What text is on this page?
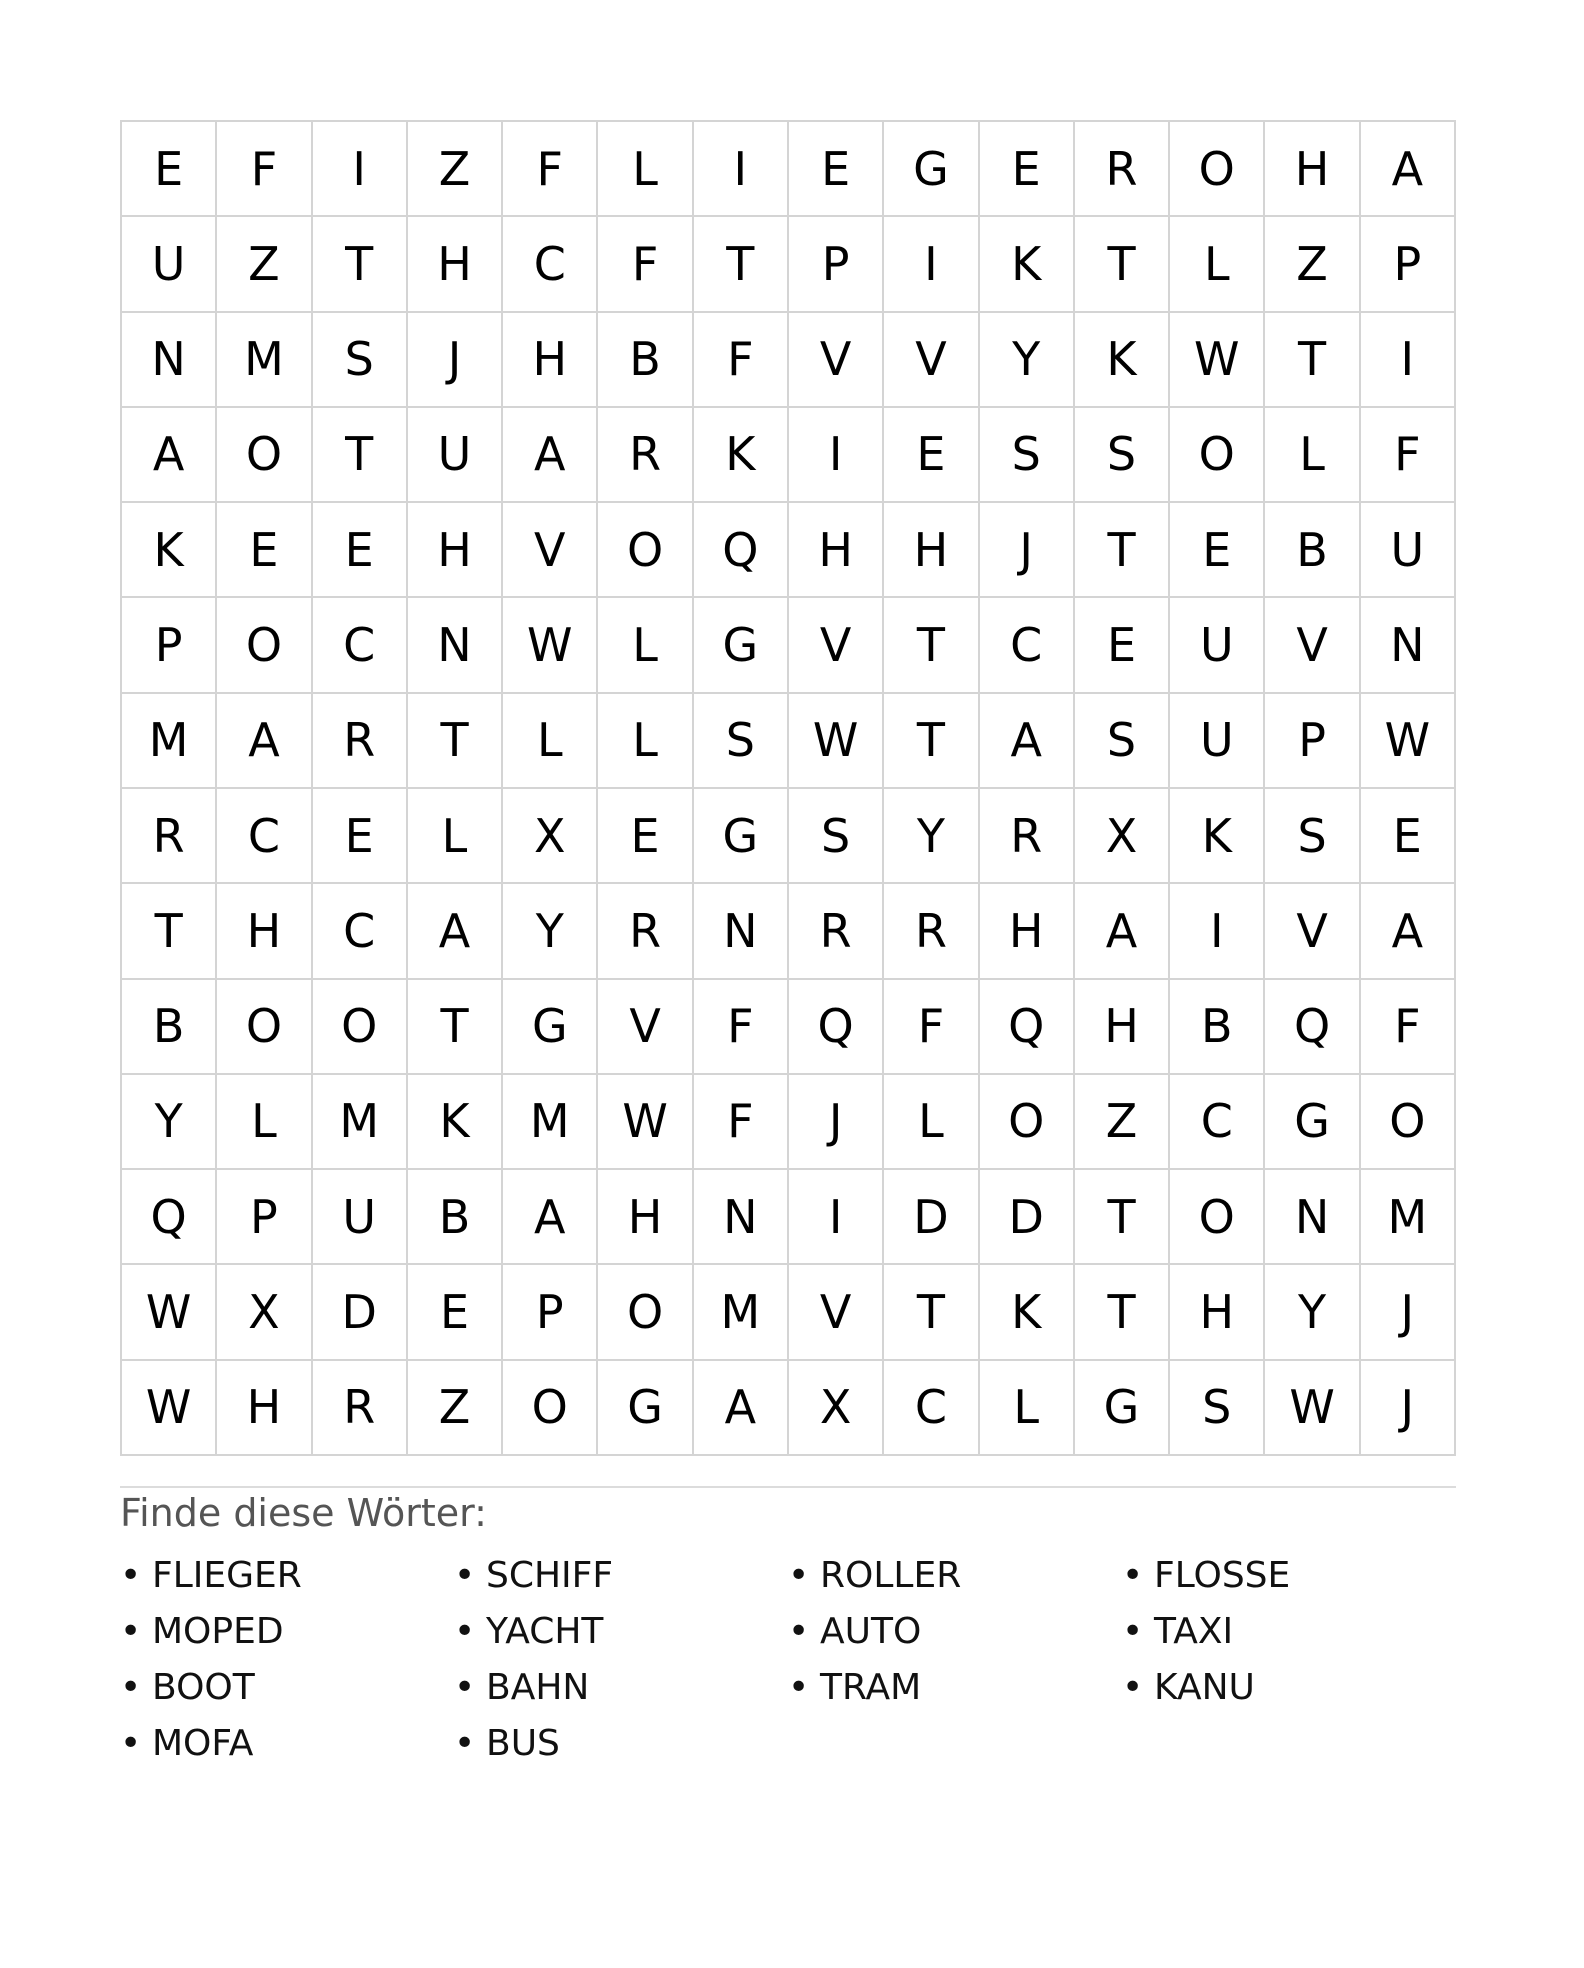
E	F	I	Z	F	L	I	E	G	E	R	O	H	A
U	Z	T	H	C	F	T	P	I	K	T	L	Z	P
N	M	S	J	H	B	F	V	V	Y	K	W	T	I
A	O	T	U	A	R	K	I	E	S	S	O	L	F
K	E	E	H	V	O	Q	H	H	J	T	E	B	U
P	O	C	N	W	L	G	V	T	C	E	U	V	N
M	A	R	T	L	L	S	W	T	A	S	U	P	W
R	C	E	L	X	E	G	S	Y	R	X	K	S	E
T	H	C	A	Y	R	N	R	R	H	A	I	V	A
B	O	O	T	G	V	F	Q	F	Q	H	B	Q	F
Y	L	M	K	M	W	F	J	L	O	Z	C	G	O
Q	P	U	B	A	H	N	I	D	D	T	O	N	M
W	X	D	E	P	O	M	V	T	K	T	H	Y	J
W	H	R	Z	O	G	A	X	C	L	G	S	W	J
Finde diese Wörter:
• FLIEGER	• SCHIFF	• ROLLER	• FLOSSE
• MOPED	• YACHT	• AUTO	• TAXI
• BOOT	• BAHN	• TRAM	• KANU
• MOFA	• BUS
